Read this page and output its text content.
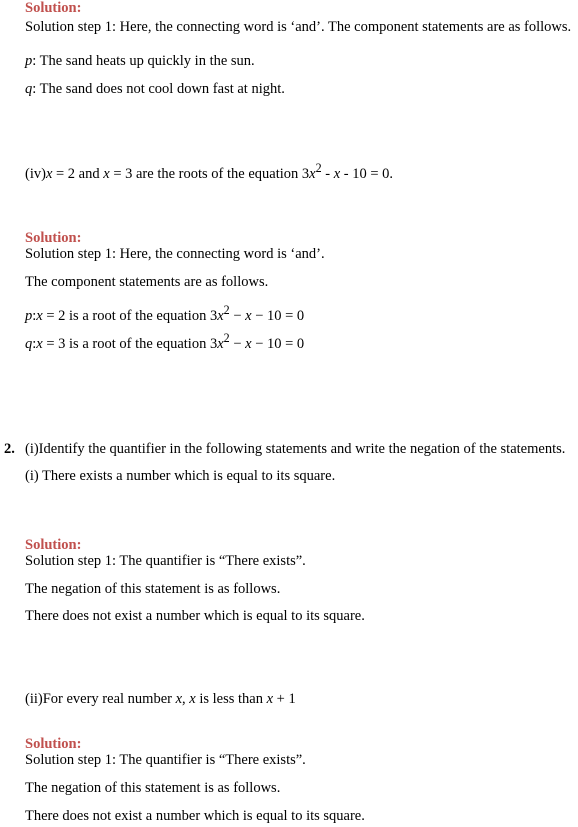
Solution:
Solution step 1: Here, the connecting word is ‘and’. The component statements are as follows.
p: The sand heats up quickly in the sun.
q: The sand does not cool down fast at night.
(iv)x = 2 and x = 3 are the roots of the equation $3x^2 - x - 10 = 0$.
Solution:
Solution step 1: Here, the connecting word is ‘and’.
The component statements are as follows.
p:x = 2 is a root of the equation $3x^2 - x - 10 = 0$
q:x = 3 is a root of the equation $3x^2 - x - 10 = 0$
2. (i)Identify the quantifier in the following statements and write the negation of the statements.
(i) There exists a number which is equal to its square.
Solution:
Solution step 1: The quantifier is “There exists”.
The negation of this statement is as follows.
There does not exist a number which is equal to its square.
(ii)For every real number x, x is less than x + 1
Solution:
Solution step 1: The quantifier is “There exists”.
The negation of this statement is as follows.
There does not exist a number which is equal to its square.
